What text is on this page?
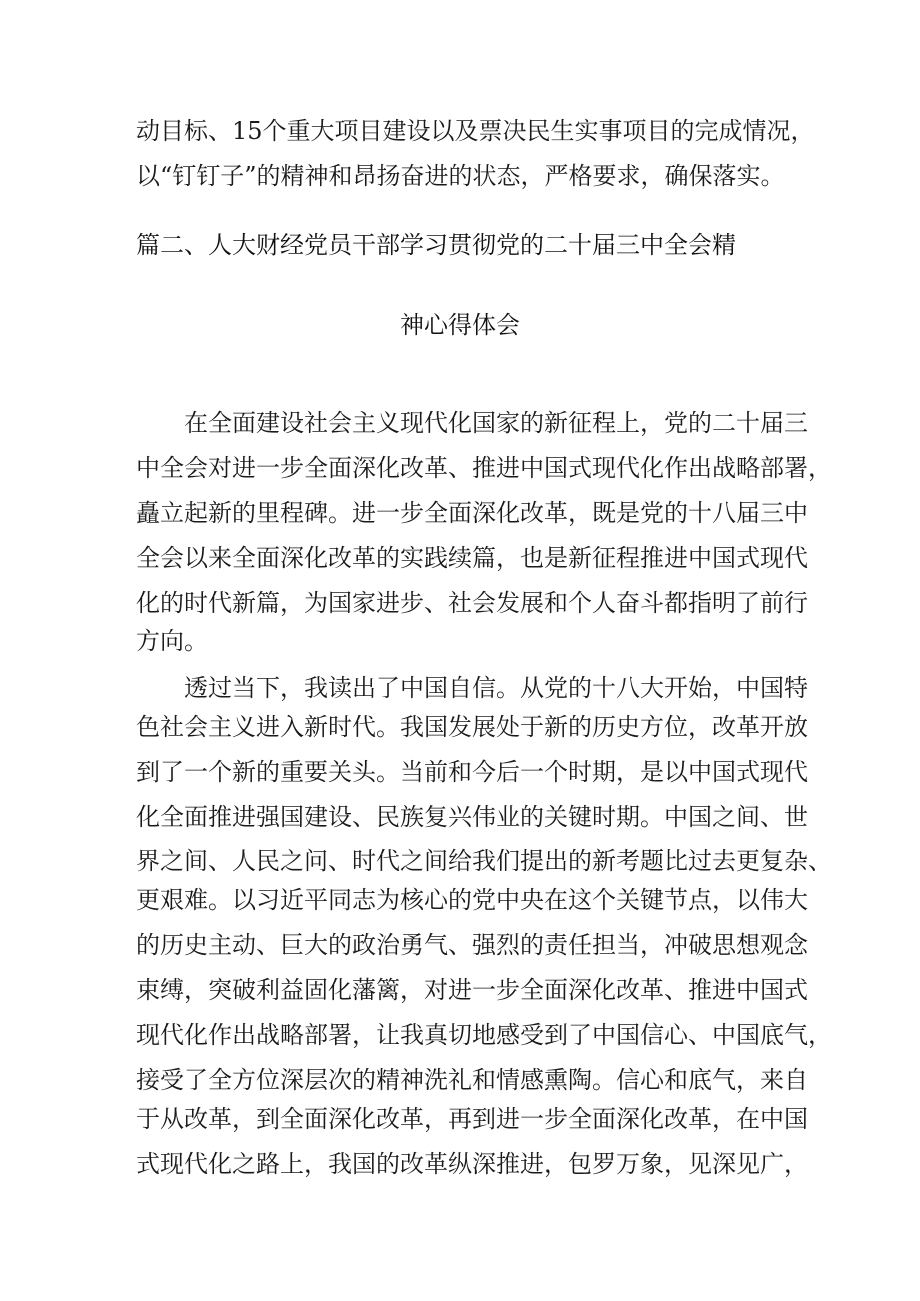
动目标、15个重大项目建设以及票决民生实事项目的完成情况，
以“钉钉子”的精神和昂扬奋进的状态，严格要求，确保落实。
篇二、人大财经党员干部学习贯彻党的二十届三中全会精
神心得体会
在全面建设社会主义现代化国家的新征程上，党的二十届三
中全会对进一步全面深化改革、推进中国式现代化作出战略部署，
矗立起新的里程碑。进一步全面深化改革，既是党的十八届三中
全会以来全面深化改革的实践续篇，也是新征程推进中国式现代
化的时代新篇，为国家进步、社会发展和个人奋斗都指明了前行
方向。
透过当下，我读出了中国自信。从党的十八大开始，中国特
色社会主义进入新时代。我国发展处于新的历史方位，改革开放
到了一个新的重要关头。当前和今后一个时期，是以中国式现代
化全面推进强国建设、民族复兴伟业的关键时期。中国之间、世
界之间、人民之问、时代之间给我们提出的新考题比过去更复杂、
更艰难。以习近平同志为核心的党中央在这个关键节点，以伟大
的历史主动、巨大的政治勇气、强烈的责任担当，冲破思想观念
束缚，突破利益固化藩篱，对进一步全面深化改革、推进中国式
现代化作出战略部署，让我真切地感受到了中国信心、中国底气，
接受了全方位深层次的精神洗礼和情感熏陶。信心和底气，来自
于从改革，到全面深化改革，再到进一步全面深化改革，在中国
式现代化之路上，我国的改革纵深推进，包罗万象，见深见广，
